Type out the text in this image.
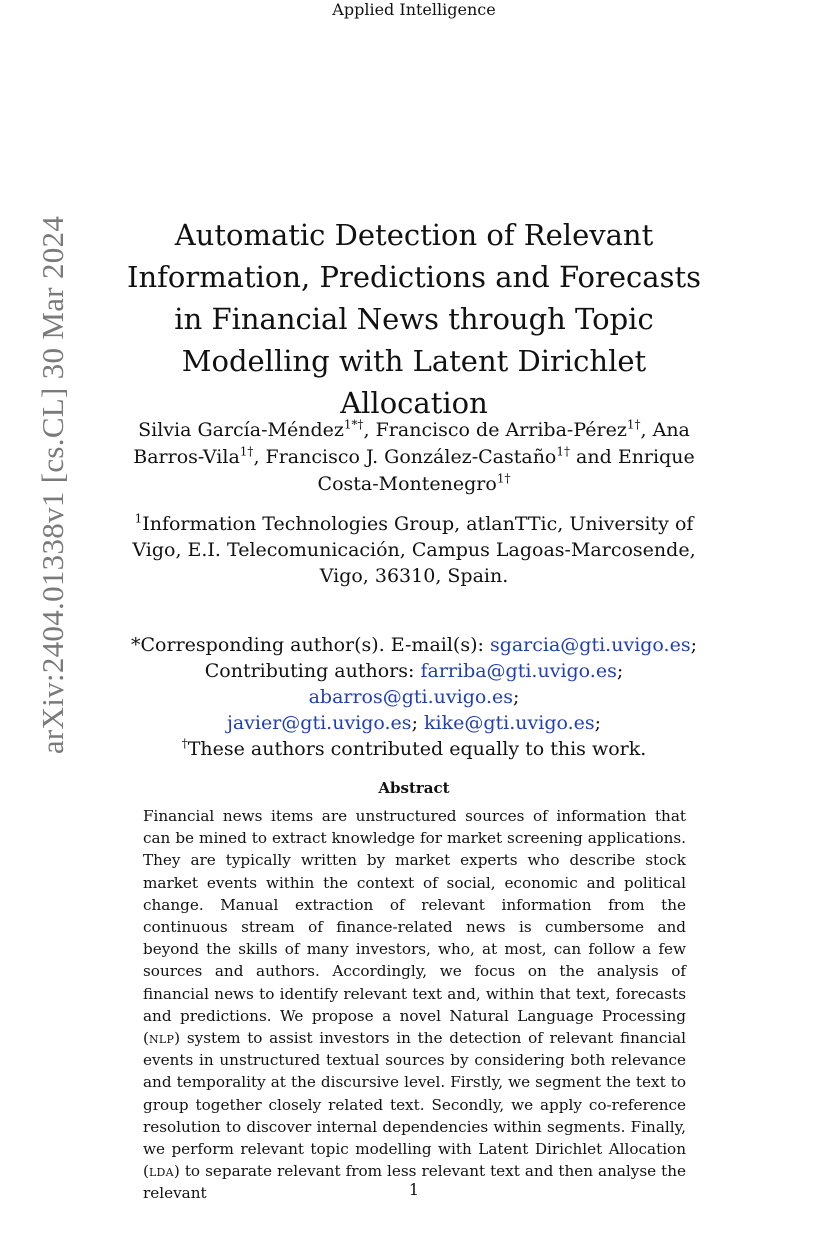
Applied Intelligence
arXiv:2404.01338v1 [cs.CL] 30 Mar 2024	Automatic Detection of Relevant Information, Predictions and Forecasts in Financial News through Topic Modelling with Latent Dirichlet Allocation
Silvia García-Méndez$^{1*\dagger}$, Francisco de Arriba-Pérez$^{1\dagger}$, Ana Barros-Vila$^{1\dagger}$, Francisco J. González-Castaño$^{1\dagger}$ and Enrique Costa-Montenegro$^{1\dagger}$
$^1$Information Technologies Group, atlanTTic, University of Vigo, E.I. Telecomunicación, Campus Lagoas-Marcosende, Vigo, 36310, Spain.
*Corresponding author(s). E-mail(s): sgarcia@gti.uvigo.es;
Contributing authors: farriba@gti.uvigo.es; abarros@gti.uvigo.es;
javier@gti.uvigo.es; kike@gti.uvigo.es;
†These authors contributed equally to this work.
Abstract
Financial news items are unstructured sources of information that can be mined to extract knowledge for market screening applications. They are typically written by market experts who describe stock market events within the context of social, economic and political change. Manual extraction of relevant information from the continuous stream of finance-related news is cumbersome and beyond the skills of many investors, who, at most, can follow a few sources and authors. Accordingly, we focus on the analysis of financial news to identify relevant text and, within that text, forecasts and predictions. We propose a novel Natural Language Processing (nlp) system to assist investors in the detection of relevant financial events in unstructured textual sources by considering both relevance and temporality at the discursive level. Firstly, we segment the text to group together closely related text. Secondly, we apply co-reference resolution to discover internal dependencies within segments. Finally, we perform relevant topic modelling with Latent Dirichlet Allocation (lda) to separate relevant from less relevant text and then analyse the relevant	1
